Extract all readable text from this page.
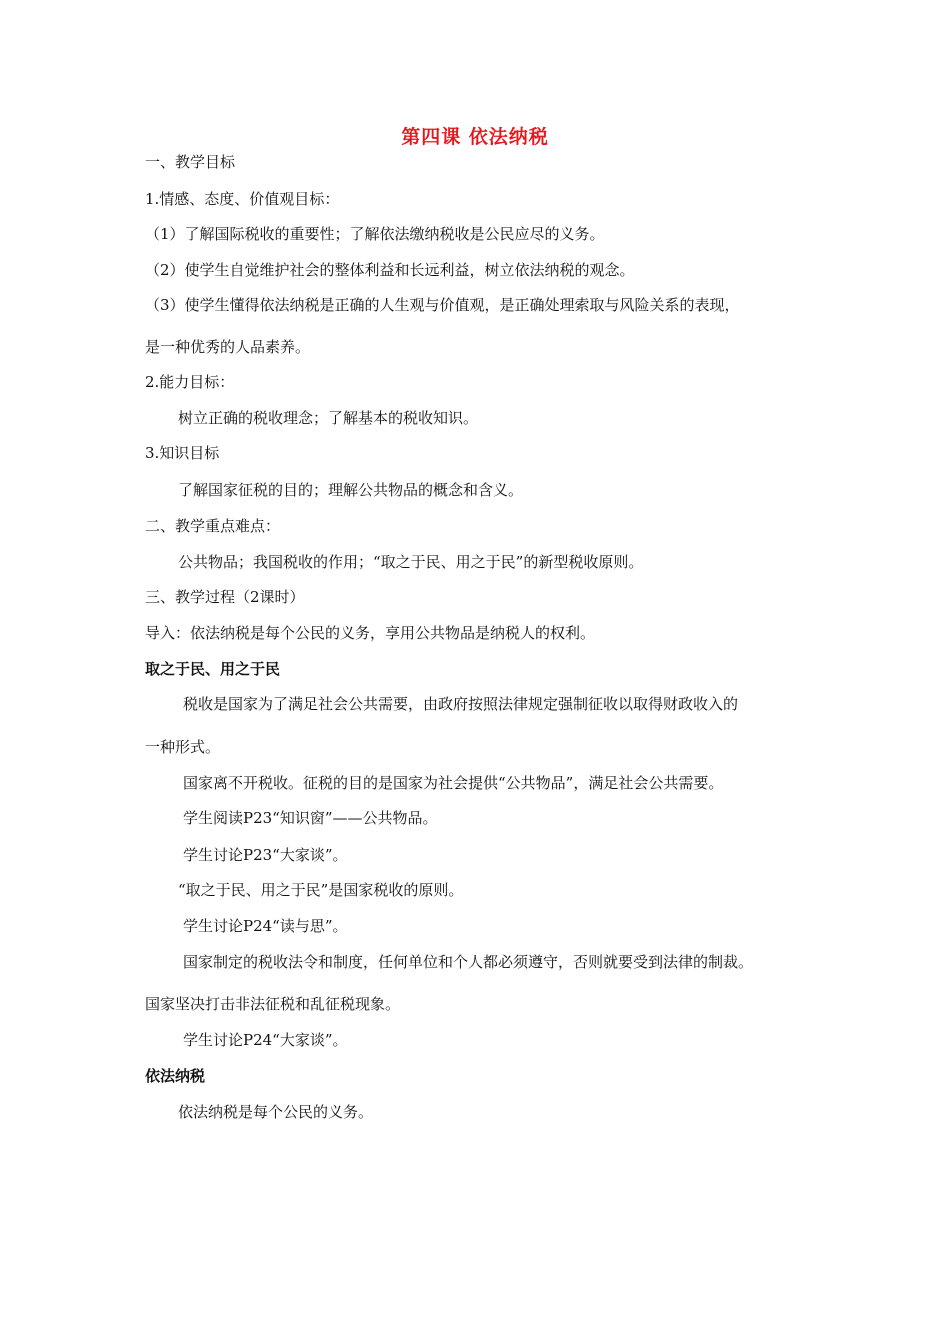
第四课 依法纳税
一、教学目标
1.情感、态度、价值观目标：
（1）了解国际税收的重要性；了解依法缴纳税收是公民应尽的义务。
（2）使学生自觉维护社会的整体利益和长远利益，树立依法纳税的观念。
（3）使学生懂得依法纳税是正确的人生观与价值观，是正确处理索取与风险关系的表现，
是一种优秀的人品素养。
2.能力目标：
树立正确的税收理念；了解基本的税收知识。
3.知识目标
了解国家征税的目的；理解公共物品的概念和含义。
二、教学重点难点：
公共物品；我国税收的作用；“取之于民、用之于民”的新型税收原则。
三、教学过程（2课时）
导入：依法纳税是每个公民的义务，享用公共物品是纳税人的权利。
取之于民、用之于民
税收是国家为了满足社会公共需要，由政府按照法律规定强制征收以取得财政收入的
一种形式。
国家离不开税收。征税的目的是国家为社会提供“公共物品”，满足社会公共需要。
学生阅读P23“知识窗”——公共物品。
学生讨论P23“大家谈”。
“取之于民、用之于民”是国家税收的原则。
学生讨论P24“读与思”。
国家制定的税收法令和制度，任何单位和个人都必须遵守，否则就要受到法律的制裁。
国家坚决打击非法征税和乱征税现象。
学生讨论P24“大家谈”。
依法纳税
依法纳税是每个公民的义务。
